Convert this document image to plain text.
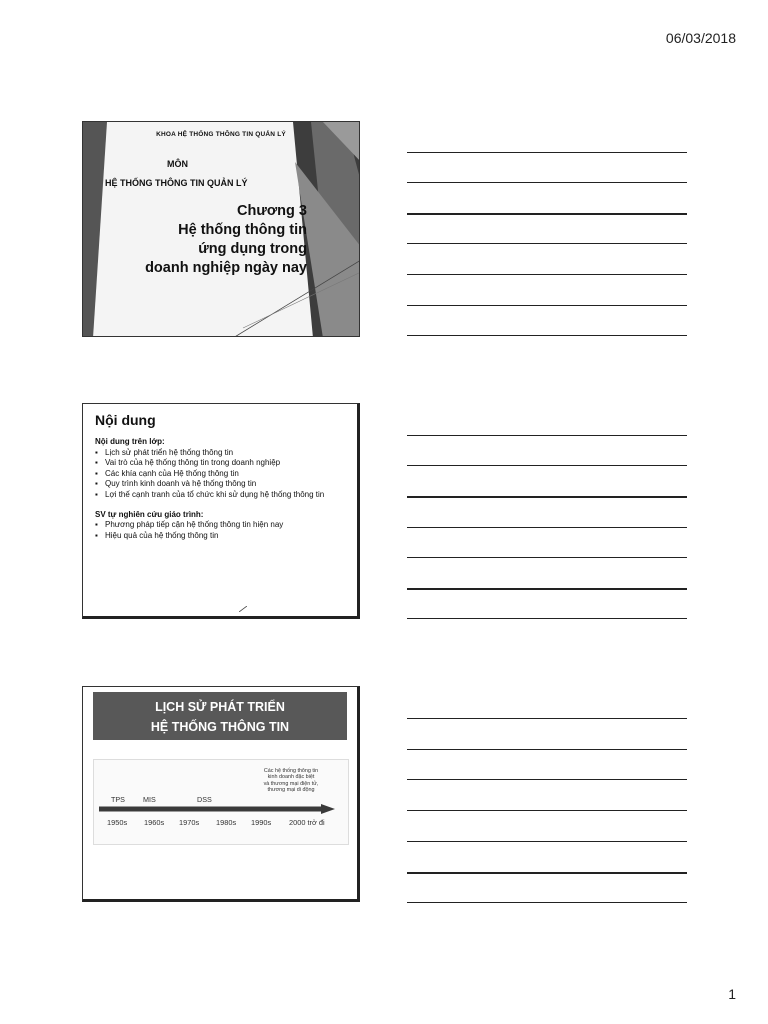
06/03/2018
KHOA HỆ THỐNG THÔNG TIN QUẢN LÝ
MÔN
HỆ THỐNG THÔNG TIN QUẢN LÝ
Chương 3
Hệ thống thông tin
ứng dụng trong
doanh nghiệp ngày nay
Nội dung
Nội dung trên lớp:
▪ Lịch sử phát triển hệ thống thông tin
▪ Vai trò của hệ thống thông tin trong doanh nghiệp
▪ Các khía cạnh của Hệ thống thông tin
▪ Quy trình kinh doanh và hệ thống thông tin
▪ Lợi thế cạnh tranh của tổ chức khi sử dụng hệ thống thông tin
SV tự nghiên cứu giáo trình:
▪ Phương pháp tiếp cận hệ thống thông tin hiện nay
▪ Hiệu quả của hệ thống thông tin
LỊCH SỬ PHÁT TRIỂN
HỆ THỐNG THÔNG TIN
Các hệ thống thông tin
kinh doanh đặc biệt
và thương mại điện tử,
thương mại di động
TPS	MIS	DSS
1950s 1960s 1970s 1980s 1990s 2000 trở đi
1
